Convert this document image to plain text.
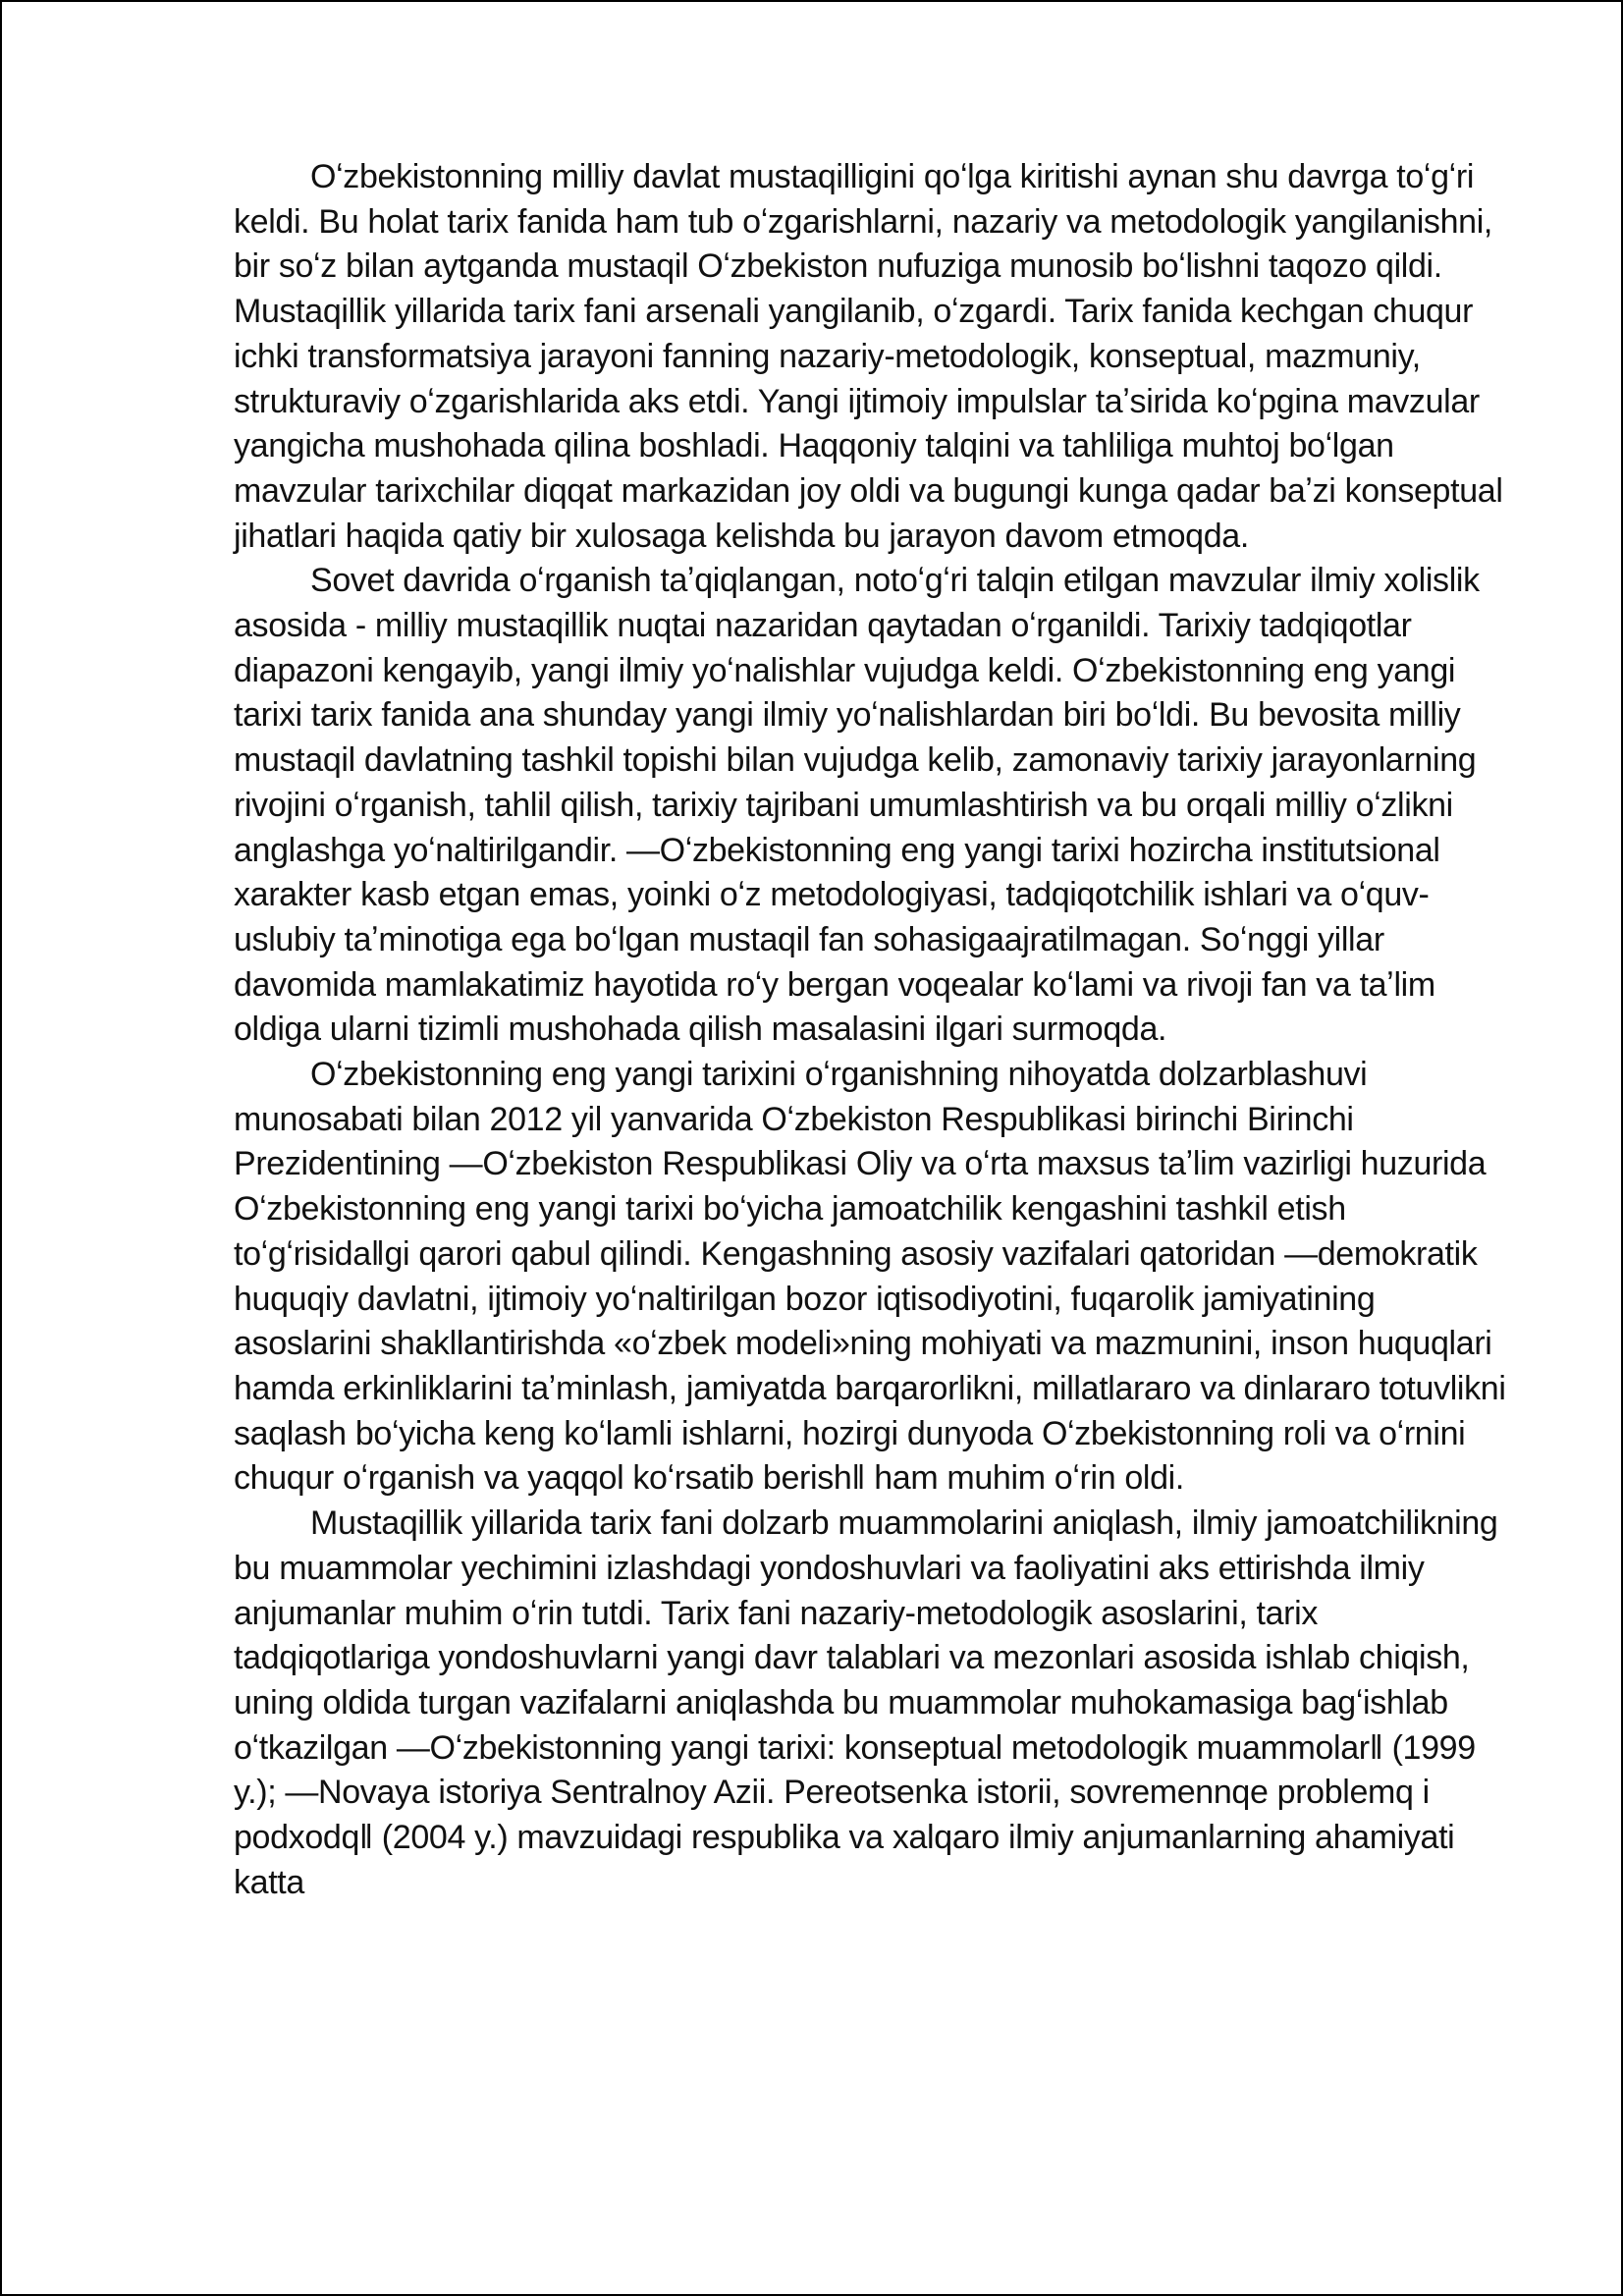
Oʻzbekistonning milliy davlat mustaqilligini qoʻlga kiritishi aynan shu davrga toʻgʻri keldi. Bu holat tarix fanida ham tub oʻzgarishlarni, nazariy va metodologik yangilanishni, bir soʻz bilan aytganda mustaqil Oʻzbekiston nufuziga munosib boʻlishni taqozo qildi. Mustaqillik yillarida tarix fani arsenali yangilanib, oʻzgardi. Tarix fanida kechgan chuqur ichki transformatsiya jarayoni fanning nazariy-metodologik, konseptual, mazmuniy, strukturaviy oʻzgarishlarida aks etdi. Yangi ijtimoiy impulslar taʼsirida koʻpgina mavzular yangicha mushohada qilina boshladi. Haqqoniy talqini va tahliliga muhtoj boʻlgan mavzular tarixchilar diqqat markazidan joy oldi va bugungi kunga qadar baʼzi konseptual jihatlari haqida qatiy bir xulosaga kelishda bu jarayon davom etmoqda.

Sovet davrida oʻrganish taʼqiqlangan, notoʻgʻri talqin etilgan mavzular ilmiy xolislik asosida - milliy mustaqillik nuqtai nazaridan qaytadan oʻrganildi. Tarixiy tadqiqotlar diapazoni kengayib, yangi ilmiy yoʻnalishlar vujudga keldi. Oʻzbekistonning eng yangi tarixi tarix fanida ana shunday yangi ilmiy yoʻnalishlardan biri boʻldi. Bu bevosita milliy mustaqil davlatning tashkil topishi bilan vujudga kelib, zamonaviy tarixiy jarayonlarning rivojini oʻrganish, tahlil qilish, tarixiy tajribani umumlashtirish va bu orqali milliy oʻzlikni anglashga yoʻnaltirilgandir. ―Oʻzbekistonning eng yangi tarixi hozircha institutsional xarakter kasb etgan emas, yoinki oʻz metodologiyasi, tadqiqotchilik ishlari va oʻquv-uslubiy taʼminotiga ega boʻlgan mustaqil fan sohasigaajratilmagan. Soʻnggi yillar davomida mamlakatimiz hayotida roʻy bergan voqealar koʻlami va rivoji fan va taʼlim oldiga ularni tizimli mushohada qilish masalasini ilgari surmoqda.

Oʻzbekistonning eng yangi tarixini oʻrganishning nihoyatda dolzarblashuvi munosabati bilan 2012 yil yanvarida Oʻzbekiston Respublikasi birinchi Birinchi Prezidentining ―Oʻzbekiston Respublikasi Oliy va oʻrta maxsus taʼlim vazirligi huzurida Oʻzbekistonning eng yangi tarixi boʻyicha jamoatchilik kengashini tashkil etish toʻgʻrisida‖gi qarori qabul qilindi. Kengashning asosiy vazifalari qatoridan ―demokratik huquqiy davlatni, ijtimoiy yoʻnaltirilgan bozor iqtisodiyotini, fuqarolik jamiyatining asoslarini shakllantirishda «oʻzbek modeli»ning mohiyati va mazmunini, inson huquqlari hamda erkinliklarini taʼminlash, jamiyatda barqarorlikni, millatlararo va dinlararo totuvlikni saqlash boʻyicha keng koʻlamli ishlarni, hozirgi dunyoda Oʻzbekistonning roli va oʻrnini chuqur oʻrganish va yaqqol koʻrsatib berish‖ ham muhim oʻrin oldi.

Mustaqillik yillarida tarix fani dolzarb muammolarini aniqlash, ilmiy jamoatchilikning bu muammolar yechimini izlashdagi yondoshuvlari va faoliyatini aks ettirishda ilmiy anjumanlar muhim oʻrin tutdi. Tarix fani nazariy-metodologik asoslarini, tarix tadqiqotlariga yondoshuvlarni yangi davr talablari va mezonlari asosida ishlab chiqish, uning oldida turgan vazifalarni aniqlashda bu muammolar muhokamasiga bagʻishlab oʻtkazilgan ―Oʻzbekistonning yangi tarixi: konseptual metodologik muammolar‖ (1999 y.); ―Novaya istoriya Sentralnoy Azii. Pereotsenka istorii, sovremennqe problemq i podxodq‖ (2004 y.) mavzuidagi respublika va xalqaro ilmiy anjumanlarning ahamiyati katta
